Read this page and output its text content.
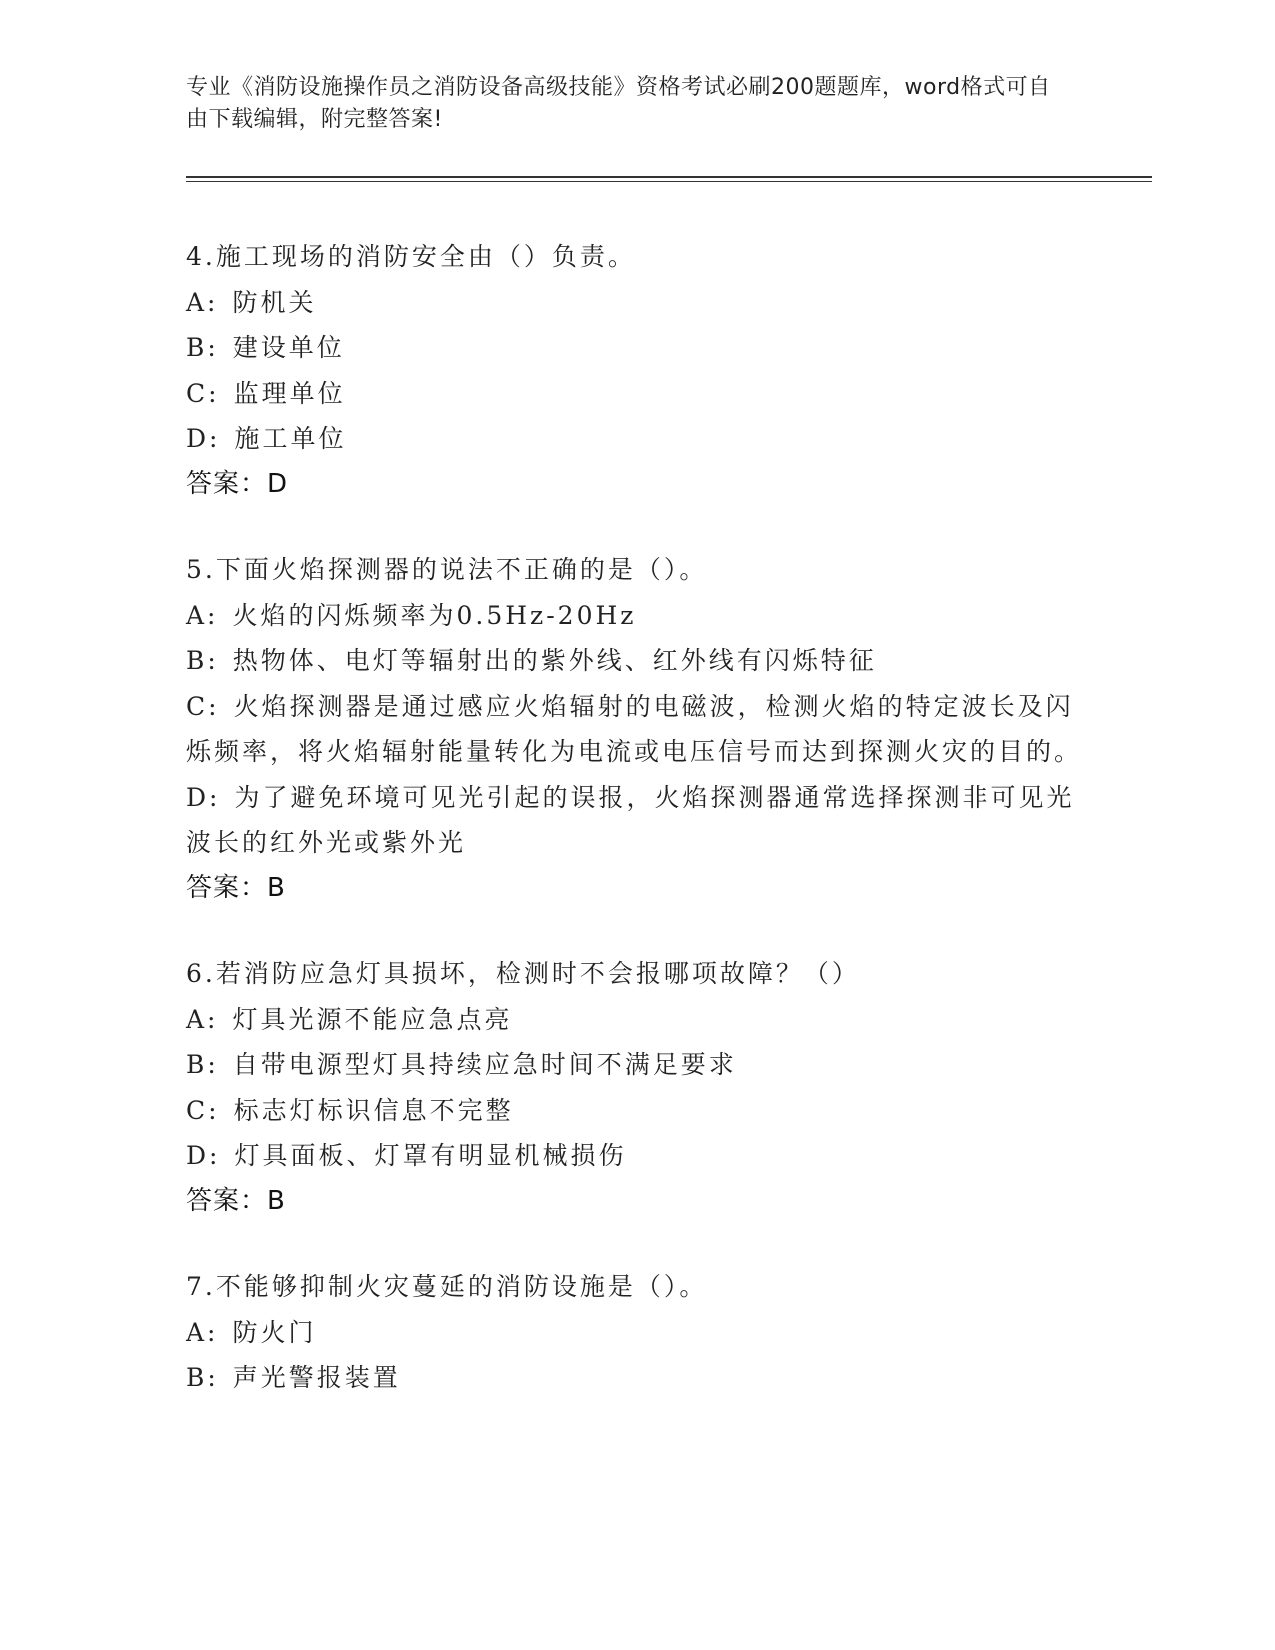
专业《消防设施操作员之消防设备高级技能》资格考试必刷200题题库，word格式可自由下载编辑，附完整答案!
4.施工现场的消防安全由（）负责。
A: 防机关
B: 建设单位
C: 监理单位
D: 施工单位
答案：D
5.下面火焰探测器的说法不正确的是（）。
A: 火焰的闪烁频率为0.5Hz-20Hz
B: 热物体、电灯等辐射出的紫外线、红外线有闪烁特征
C: 火焰探测器是通过感应火焰辐射的电磁波，检测火焰的特定波长及闪烁频率，将火焰辐射能量转化为电流或电压信号而达到探测火灾的目的。
D: 为了避免环境可见光引起的误报，火焰探测器通常选择探测非可见光波长的红外光或紫外光
答案：B
6.若消防应急灯具损坏，检测时不会报哪项故障？（）
A: 灯具光源不能应急点亮
B: 自带电源型灯具持续应急时间不满足要求
C: 标志灯标识信息不完整
D: 灯具面板、灯罩有明显机械损伤
答案：B
7.不能够抑制火灾蔓延的消防设施是（）。
A: 防火门
B: 声光警报装置
